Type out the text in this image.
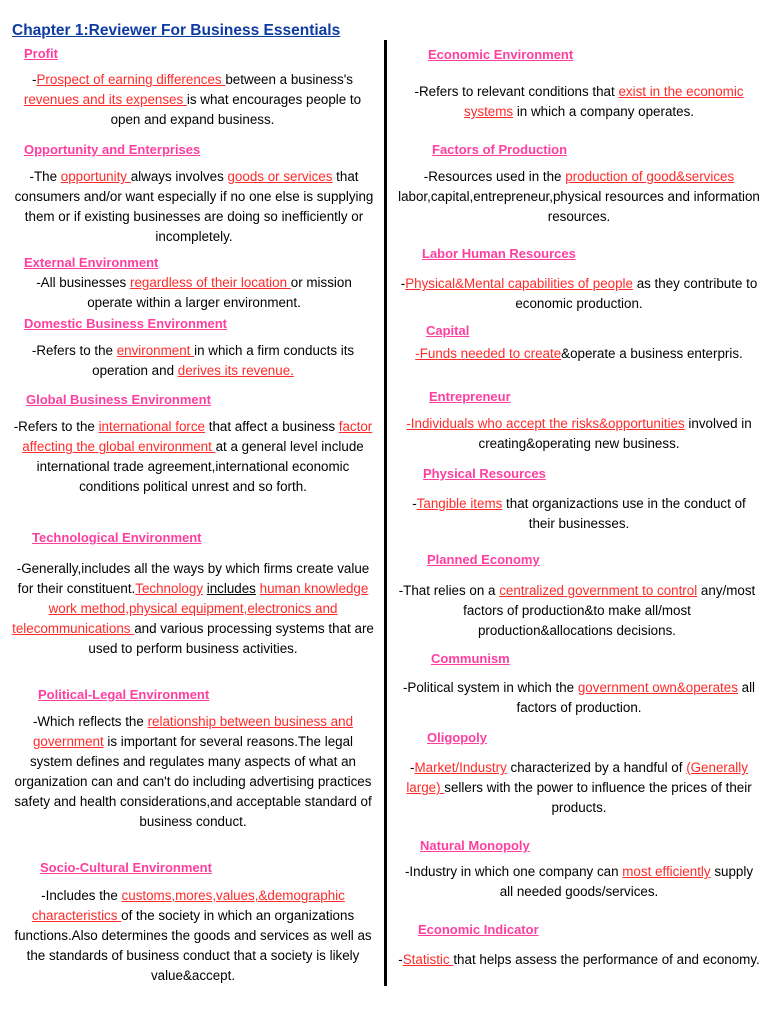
Chapter 1:Reviewer For Business Essentials
Profit
-Prospect of earning differences between a business's revenues and its expenses is what encourages people to open and expand business.
Opportunity and Enterprises
-The opportunity always involves goods or services that consumers and/or want especially if no one else is supplying them or if existing businesses are doing so inefficiently or incompletely.
External Environment
-All businesses regardless of their location or mission operate within a larger environment.
Domestic Business Environment
-Refers to the environment in which a firm conducts its operation and derives its revenue.
Global Business Environment
-Refers to the international force that affect a business factor affecting the global environment at a general level include international trade agreement,international economic conditions political unrest and so forth.
Technological Environment
-Generally,includes all the ways by which firms create value for their constituent.Technology includes human knowledge work method,physical equipment,electronics and telecommunications and various processing systems that are used to perform business activities.
Political-Legal Environment
-Which reflects the relationship between business and government is important for several reasons.The legal system defines and regulates many aspects of what an organization can and can't do including advertising practices safety and health considerations,and acceptable standard of business conduct.
Socio-Cultural Environment
-Includes the customs,mores,values,&demographic characteristics of the society in which an organizations functions.Also determines the goods and services as well as the standards of business conduct that a society is likely value&accept.
Economic Environment
-Refers to relevant conditions that exist in the economic systems in which a company operates.
Factors of Production
-Resources used in the production of good&services labor,capital,entrepreneur,physical resources and information resources.
Labor Human Resources
-Physical&Mental capabilities of people as they contribute to economic production.
Capital
-Funds needed to create&operate a business enterpris.
Entrepreneur
-Individuals who accept the risks&opportunities involved in creating&operating new business.
Physical Resources
-Tangible items that organizactions use in the conduct of their businesses.
Planned Economy
-That relies on a centralized government to control any/most factors of production&to make all/most production&allocations decisions.
Communism
-Political system in which the government own&operates all factors of production.
Oligopoly
-Market/Industry characterized by a handful of (Generally large) sellers with the power to influence the prices of their products.
Natural Monopoly
-Industry in which one company can most efficiently supply all needed goods/services.
Economic Indicator
-Statistic that helps assess the performance of and economy.
